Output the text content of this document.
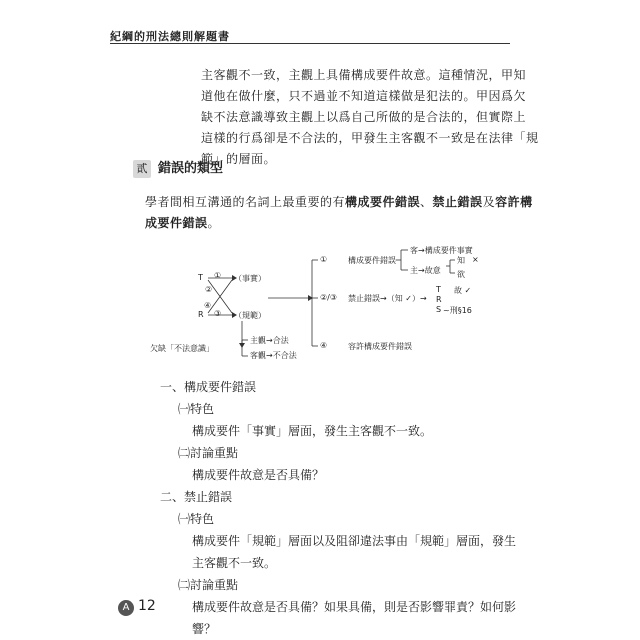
紀綱的刑法總則解題書
主客觀不一致，主觀上具備構成要件故意。這種情況，甲知
道他在做什麼，只不過並不知道這樣做是犯法的。甲因爲欠
缺不法意識導致主觀上以爲自己所做的是合法的，但實際上
這樣的行爲卻是不合法的，甲發生主客觀不一致是在法律「規
範」的層面。
貳 錯誤的類型
學者間相互溝通的名詞上最重要的有構成要件錯誤、禁止錯誤及容許構
成要件錯誤。
T
R
①
②
④
③
（事實）
（規範）
欠缺「不法意識」
主觀→合法
客觀→不合法
①
②/③
④
構成要件錯誤
禁止錯誤→（知 ✓）→
容許構成要件錯誤
客→構成要件事實
主→故意
知 ×
欲
T 故 ✓
R
S ~刑§16
一、構成要件錯誤
㈠特色
構成要件「事實」層面，發生主客觀不一致。
㈡討論重點
構成要件故意是否具備？
二、禁止錯誤
㈠特色
構成要件「規範」層面以及阻卻違法事由「規範」層面，發生
主客觀不一致。
㈡討論重點
構成要件故意是否具備？如果具備，則是否影響罪責？如何影
響？
A 12
